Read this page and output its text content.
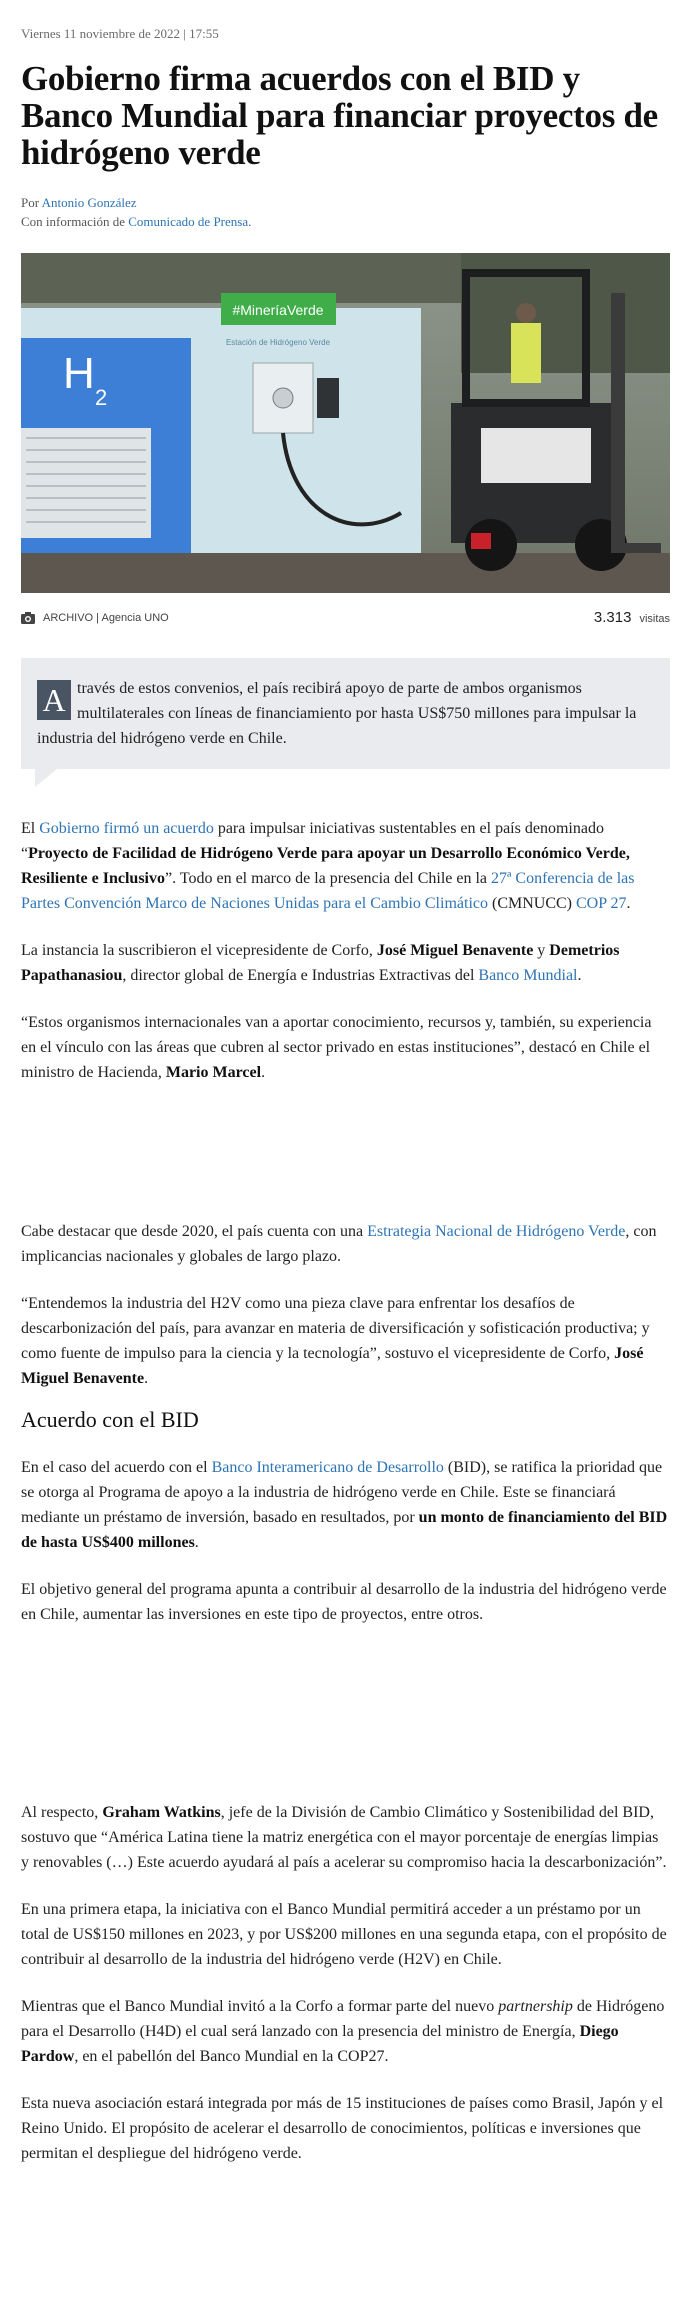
Viernes 11 noviembre de 2022 | 17:55
Gobierno firma acuerdos con el BID y Banco Mundial para financiar proyectos de hidrógeno verde
Por Antonio González
Con información de Comunicado de Prensa.
H 2
#MineríaVerde
Estación de Hidrógeno Verde
ARCHIVO | Agencia UNO	3.313 visitas
A través de estos convenios, el país recibirá apoyo de parte de ambos organismos multilaterales con líneas de financiamiento por hasta US$750 millones para impulsar la industria del hidrógeno verde en Chile.

El Gobierno firmó un acuerdo para impulsar iniciativas sustentables en el país denominado “Proyecto de Facilidad de Hidrógeno Verde para apoyar un Desarrollo Económico Verde, Resiliente e Inclusivo”. Todo en el marco de la presencia del Chile en la 27ª Conferencia de las Partes Convención Marco de Naciones Unidas para el Cambio Climático (CMNUCC) COP 27.

La instancia la suscribieron el vicepresidente de Corfo, José Miguel Benavente y Demetrios Papathanasiou, director global de Energía e Industrias Extractivas del Banco Mundial.

“Estos organismos internacionales van a aportar conocimiento, recursos y, también, su experiencia en el vínculo con las áreas que cubren al sector privado en estas instituciones”, destacó en Chile el ministro de Hacienda, Mario Marcel.

Cabe destacar que desde 2020, el país cuenta con una Estrategia Nacional de Hidrógeno Verde, con implicancias nacionales y globales de largo plazo.

“Entendemos la industria del H2V como una pieza clave para enfrentar los desafíos de descarbonización del país, para avanzar en materia de diversificación y sofisticación productiva; y como fuente de impulso para la ciencia y la tecnología”, sostuvo el vicepresidente de Corfo, José Miguel Benavente.

Acuerdo con el BID

En el caso del acuerdo con el Banco Interamericano de Desarrollo (BID), se ratifica la prioridad que se otorga al Programa de apoyo a la industria de hidrógeno verde en Chile. Este se financiará mediante un préstamo de inversión, basado en resultados, por un monto de financiamiento del BID de hasta US$400 millones.

El objetivo general del programa apunta a contribuir al desarrollo de la industria del hidrógeno verde en Chile, aumentar las inversiones en este tipo de proyectos, entre otros.

Al respecto, Graham Watkins, jefe de la División de Cambio Climático y Sostenibilidad del BID, sostuvo que “América Latina tiene la matriz energética con el mayor porcentaje de energías limpias y renovables (…) Este acuerdo ayudará al país a acelerar su compromiso hacia la descarbonización”.

En una primera etapa, la iniciativa con el Banco Mundial permitirá acceder a un préstamo por un total de US$150 millones en 2023, y por US$200 millones en una segunda etapa, con el propósito de contribuir al desarrollo de la industria del hidrógeno verde (H2V) en Chile.

Mientras que el Banco Mundial invitó a la Corfo a formar parte del nuevo partnership de Hidrógeno para el Desarrollo (H4D) el cual será lanzado con la presencia del ministro de Energía, Diego Pardow, en el pabellón del Banco Mundial en la COP27.

Esta nueva asociación estará integrada por más de 15 instituciones de países como Brasil, Japón y el Reino Unido. El propósito de acelerar el desarrollo de conocimientos, políticas e inversiones que permitan el despliegue del hidrógeno verde.
